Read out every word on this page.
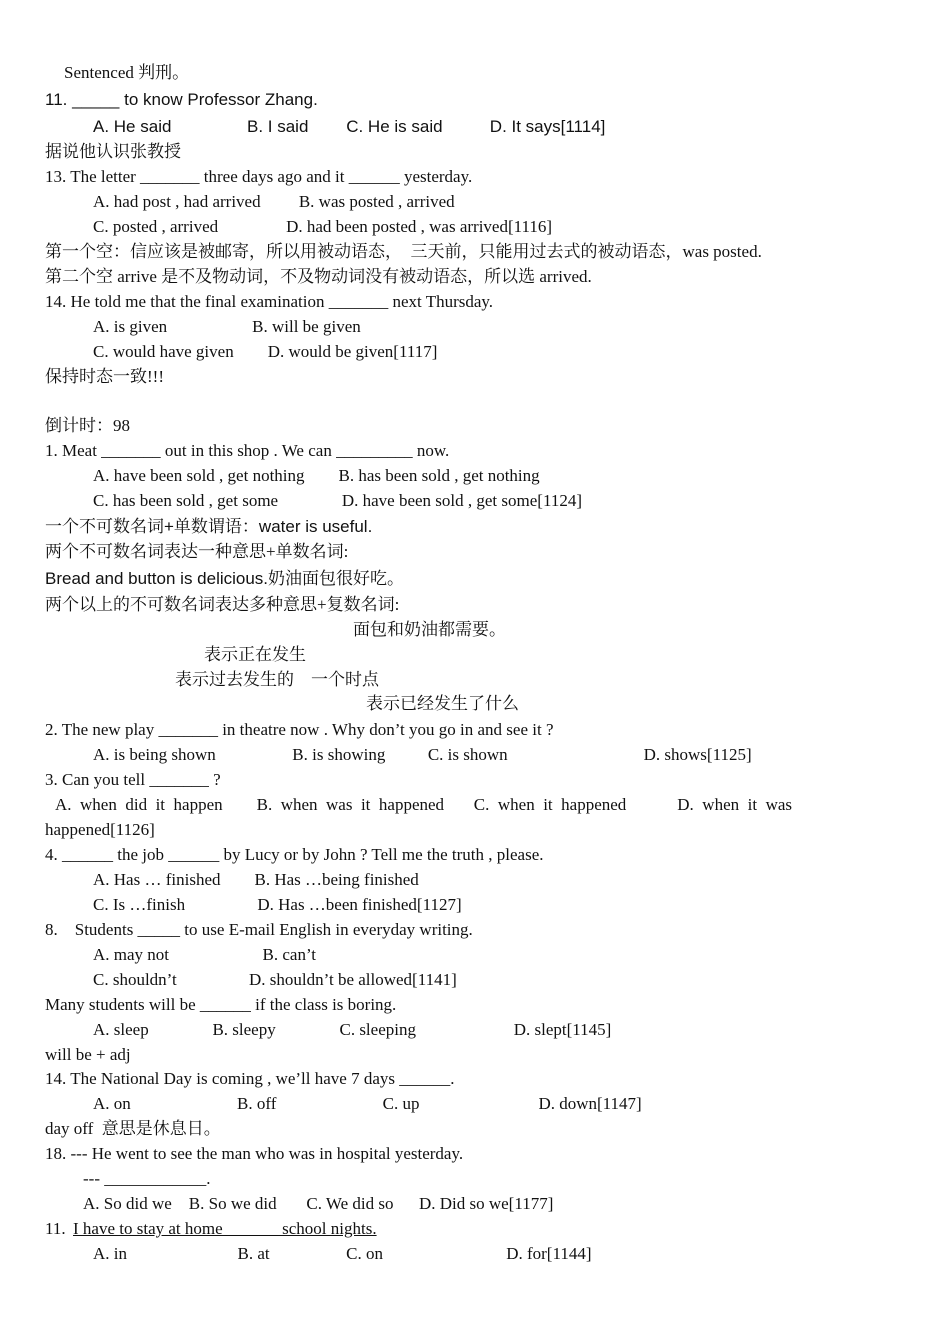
Sentenced 判刑。
11. _____ to know Professor Zhang.
A. He said                B. I said        C. He is said          D. It says[1114]
据说他认识张教授
13. The letter _______ three days ago and it ______ yesterday.
A. had post , had arrived         B. was posted , arrived
C. posted , arrived                D. had been posted , was arrived[1116]
第一个空：信应该是被邮寄，所以用被动语态，  三天前，只能用过去式的被动语态，was posted.
第二个空 arrive 是不及物动词，不及物动词没有被动语态，所以选 arrived.
14. He told me that the final examination _______ next Thursday.
A. is given                    B. will be given
C. would have given        D. would be given[1117]
保持时态一致!!!
倒计时：98
1. Meat _______ out in this shop . We can _________ now.
A. have been sold , get nothing        B. has been sold , get nothing
C. has been sold , get some               D. have been sold , get some[1124]
一个不可数名词+单数谓语：water is useful.
两个不可数名词表达一种意思+单数名词:
Bread and button is delicious.奶油面包很好吃。
两个以上的不可数名词表达多种意思+复数名词:
面包和奶油都需要。
表示正在发生
表示过去发生的    一个时点
表示已经发生了什么
2. The new play _______ in theatre now . Why don’t you go in and see it ?
A. is being shown                  B. is showing          C. is shown                                D. shows[1125]
3. Can you tell _______ ?
A.  when  did  it  happen        B.  when  was  it  happened       C.  when  it  happened            D.  when  it  was
happened[1126]
4. ______ the job ______ by Lucy or by John ? Tell me the truth , please.
A. Has … finished        B. Has …being finished
C. Is …finish                 D. Has …been finished[1127]
8.    Students _____ to use E-mail English in everyday writing.
A. may not                      B. can’t
C. shouldn’t                 D. shouldn’t be allowed[1141]
Many students will be ______ if the class is boring.
A. sleep               B. sleepy               C. sleeping                       D. slept[1145]
will be + adj
14. The National Day is coming , we’ll have 7 days ______.
A. on                         B. off                         C. up                            D. down[1147]
day off  意思是休息日。
18. --- He went to see the man who was in hospital yesterday.
--- ____________.
A. So did we    B. So we did       C. We did so      D. Did so we[1177]
11. I have to stay at home ______ school nights.
A. in                          B. at                  C. on                             D. for[1144]
